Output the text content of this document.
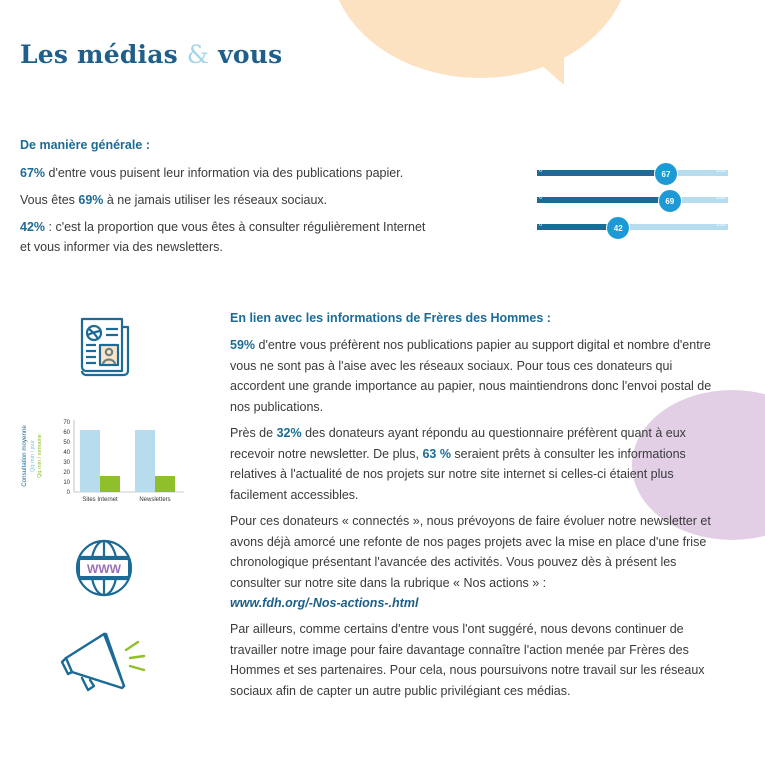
Les médias & vous
De manière générale :
67% d'entre vous puisent leur information via des publications papier.
Vous êtes 69% à ne jamais utiliser les réseaux sociaux.
42% : c'est la proportion que vous êtes à consulter régulièrement Internet
et vous informer via des newsletters.
0	100
67
0	100
69
0	100
42
Consultation moyenne Qq min / jour Qq min / semaine
0
10
20
30
40
50
60
70
Sites Internet	Newsletters
WWW
En lien avec les informations de Frères des Hommes :

59% d'entre vous préfèrent nos publications papier au support digital et nombre d'entre vous ne sont pas à l'aise avec les réseaux sociaux. Pour tous ces donateurs qui accordent une grande importance au papier, nous maintiendrons donc l'envoi postal de nos publications.

Près de 32% des donateurs ayant répondu au questionnaire préfèrent quant à eux recevoir notre newsletter. De plus, 63 % seraient prêts à consulter les informations relatives à l'actualité de nos projets sur notre site internet si celles-ci étaient plus facilement accessibles.

Pour ces donateurs « connectés », nous prévoyons de faire évoluer notre newsletter et avons déjà amorcé une refonte de nos pages projets avec la mise en place d'une frise chronologique présentant l'avancée des activités. Vous pouvez dès à présent les consulter sur notre site dans la rubrique « Nos actions » :
www.fdh.org/-Nos-actions-.html

Par ailleurs, comme certains d'entre vous l'ont suggéré, nous devons continuer de travailler notre image pour faire davantage connaître l'action menée par Frères des Hommes et ses partenaires. Pour cela, nous poursuivons notre travail sur les réseaux sociaux afin de capter un autre public privilégiant ces médias.
